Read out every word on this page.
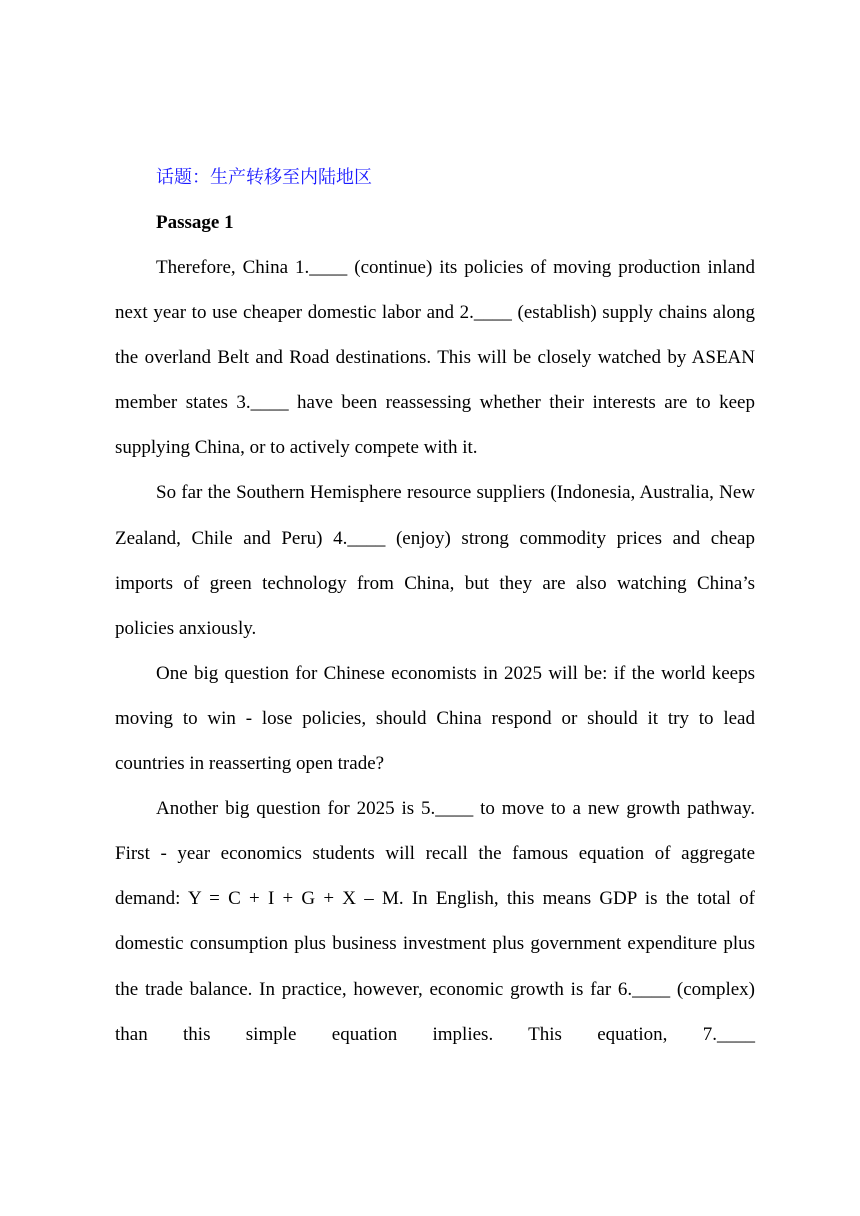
话题：生产转移至内陆地区

Passage 1

Therefore, China 1.____ (continue) its policies of moving production inland next year to use cheaper domestic labor and 2.____ (establish) supply chains along the overland Belt and Road destinations. This will be closely watched by ASEAN member states 3.____ have been reassessing whether their interests are to keep supplying China, or to actively compete with it.

So far the Southern Hemisphere resource suppliers (Indonesia, Australia, New Zealand, Chile and Peru) 4.____ (enjoy) strong commodity prices and cheap imports of green technology from China, but they are also watching China’s policies anxiously.

One big question for Chinese economists in 2025 will be: if the world keeps moving to win - lose policies, should China respond or should it try to lead countries in reasserting open trade?

Another big question for 2025 is 5.____ to move to a new growth pathway. First - year economics students will recall the famous equation of aggregate demand: Y = C + I + G + X – M. In English, this means GDP is the total of domestic consumption plus business investment plus government expenditure plus the trade balance. In practice, however, economic growth is far 6.____ (complex) than this simple equation implies. This equation, 7.____
